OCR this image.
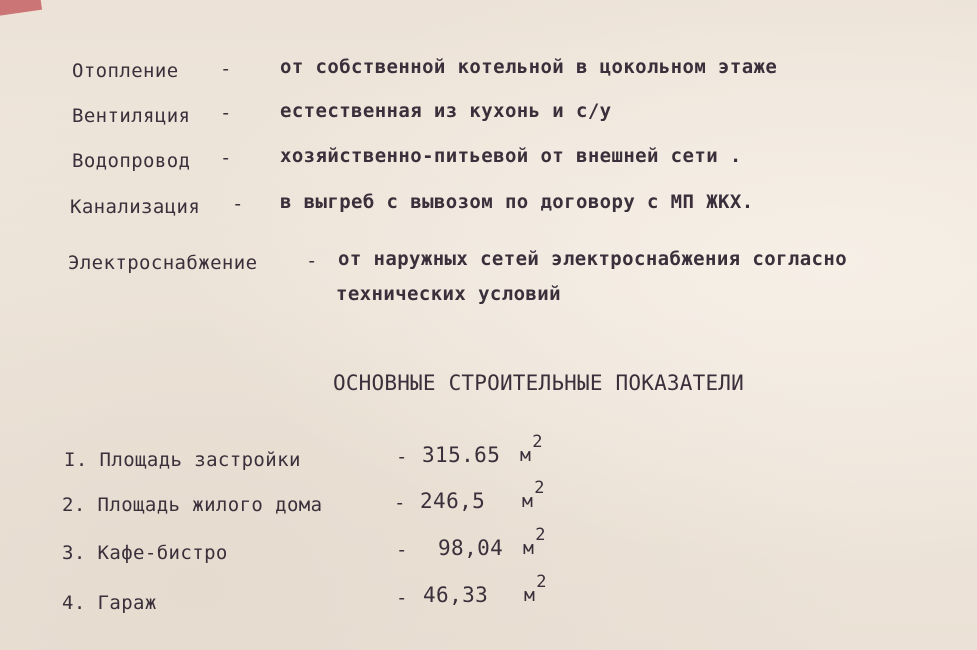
Отопление -	от собственной котельной в цокольном этаже
Вентиляция -	естественная из кухонь и с/у
Водопровод -	хозяйственно-питьевой от внешней сети .
Канализация - в выгреб с вывозом по договору с МП ЖКХ.
Электроснабжение	- от наружных сетей электроснабжения согласно
технических условий
ОСНОВНЫЕ СТРОИТЕЛЬНЫЕ ПОКАЗАТЕЛИ
I. Площадь застройки	- 315.65 м2
2. Площадь жилого дома	- 246,5 м2
3. Кафе-бистро	- 98,04 м2
4. Гараж	- 46,33 м2
